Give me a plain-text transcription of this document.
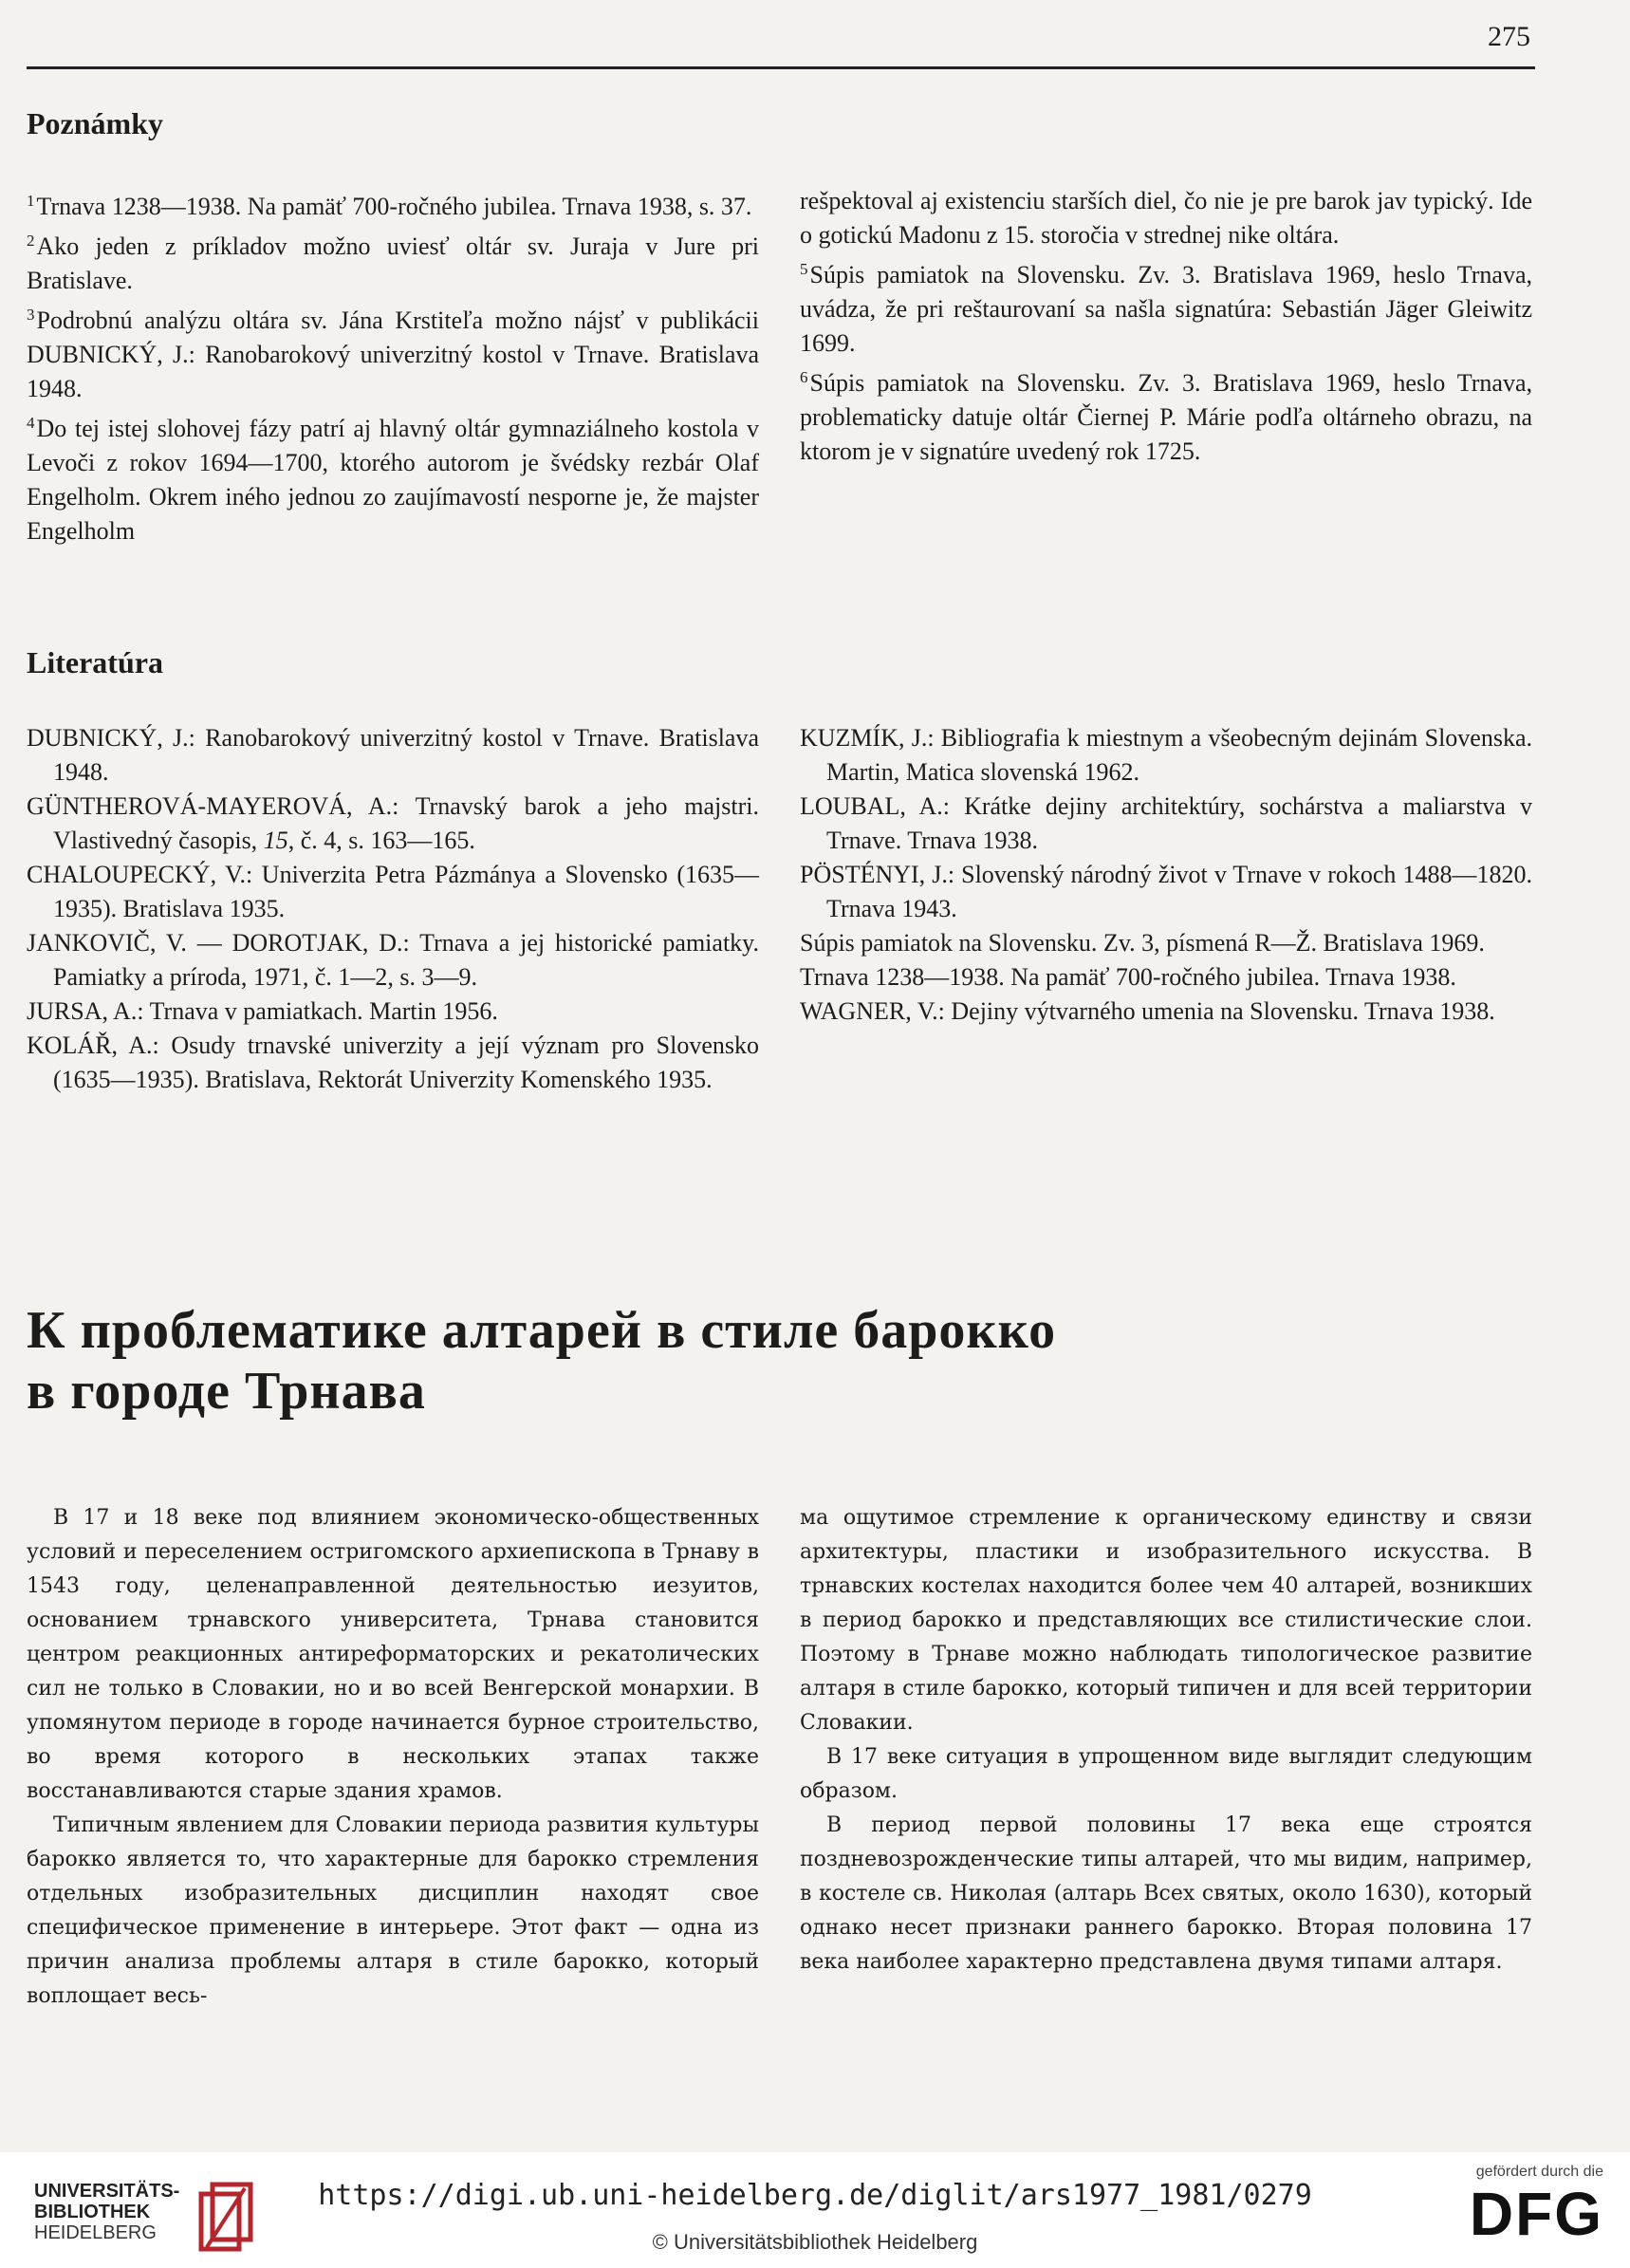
275
Poznámky

$^1$Trnava 1238—1938. Na pamäť 700-ročného jubilea. Trnava 1938, s. 37.

$^2$Ako jeden z príkladov možno uviesť oltár sv. Juraja v Jure pri Bratislave.

$^3$Podrobnú analýzu oltára sv. Jána Krstiteľa možno nájsť v publikácii DUBNICKÝ, J.: Ranobarokový univerzitný kostol v Trnave. Bratislava 1948.

$^4$Do tej istej slohovej fázy patrí aj hlavný oltár gymnaziálneho kostola v Levoči z rokov 1694—1700, ktorého autorom je švédsky rezbár Olaf Engelholm. Okrem iného jednou zo zaujímavostí nesporne je, že majster Engelholm

rešpektoval aj existenciu starších diel, čo nie je pre barok jav typický. Ide o gotickú Madonu z 15. storočia v strednej nike oltára.

$^5$Súpis pamiatok na Slovensku. Zv. 3. Bratislava 1969, heslo Trnava, uvádza, že pri reštaurovaní sa našla signatúra: Sebastián Jäger Gleiwitz 1699.

$^6$Súpis pamiatok na Slovensku. Zv. 3. Bratislava 1969, heslo Trnava, problematicky datuje oltár Čiernej P. Márie podľa oltárneho obrazu, na ktorom je v signatúre uvedený rok 1725.

Literatúra

DUBNICKÝ, J.: Ranobarokový univerzitný kostol v Trnave. Bratislava 1948.

GÜNTHEROVÁ-MAYEROVÁ, A.: Trnavský barok a jeho majstri. Vlastivedný časopis, 15, č. 4, s. 163—165.

CHALOUPECKÝ, V.: Univerzita Petra Pázmánya a Slovensko (1635—1935). Bratislava 1935.

JANKOVIČ, V. — DOROTJAK, D.: Trnava a jej historické pamiatky. Pamiatky a príroda, 1971, č. 1—2, s. 3—9.

JURSA, A.: Trnava v pamiatkach. Martin 1956.

KOLÁŘ, A.: Osudy trnavské univerzity a její význam pro Slovensko (1635—1935). Bratislava, Rektorát Univerzity Komenského 1935.

KUZMÍK, J.: Bibliografia k miestnym a všeobecným dejinám Slovenska. Martin, Matica slovenská 1962.

LOUBAL, A.: Krátke dejiny architektúry, sochárstva a maliarstva v Trnave. Trnava 1938.

PÖSTÉNYI, J.: Slovenský národný život v Trnave v rokoch 1488—1820. Trnava 1943.

Súpis pamiatok na Slovensku. Zv. 3, písmená R—Ž. Bratislava 1969.

Trnava 1238—1938. Na pamäť 700-ročného jubilea. Trnava 1938.

WAGNER, V.: Dejiny výtvarného umenia na Slovensku. Trnava 1938.

К проблематике алтарей в стиле барокко
в городе Трнава

В 17 и 18 веке под влиянием экономическо-общественных условий и переселением остригомского архиепископа в Трнаву в 1543 году, целенаправленной деятельностью иезуитов, основанием трнавского университета, Трнава становится центром реакционных антиреформаторских и рекатолических сил не только в Словакии, но и во всей Венгерской монархии. В упомянутом периоде в городе начинается бурное строительство, во время которого в нескольких этапах также восстанавливаются старые здания храмов.

Типичным явлением для Словакии периода развития культуры барокко является то, что характерные для барокко стремления отдельных изобразительных дисциплин находят свое специфическое применение в интерьере. Этот факт — одна из причин анализа проблемы алтаря в стиле барокко, который воплощает весь-

ма ощутимое стремление к органическому единству и связи архитектуры, пластики и изобразительного искусства. В трнавских костелах находится более чем 40 алтарей, возникших в период барокко и представляющих все стилистические слои. Поэтому в Трнаве можно наблюдать типологическое развитие алтаря в стиле барокко, который типичен и для всей территории Словакии.

В 17 веке ситуация в упрощенном виде выглядит следующим образом.

В период первой половины 17 века еще строятся поздневозрожденческие типы алтарей, что мы видим, например, в костеле св. Николая (алтарь Всех святых, около 1630), который однако несет признаки раннего барокко. Вторая половина 17 века наиболее характерно представлена двумя типами алтаря.

UNIVERSITÄTS-
BIBLIOTHEK
HEIDELBERG
https://digi.ub.uni-heidelberg.de/diglit/ars1977_1981/0279
© Universitätsbibliothek Heidelberg
gefördert durch die
DFG
